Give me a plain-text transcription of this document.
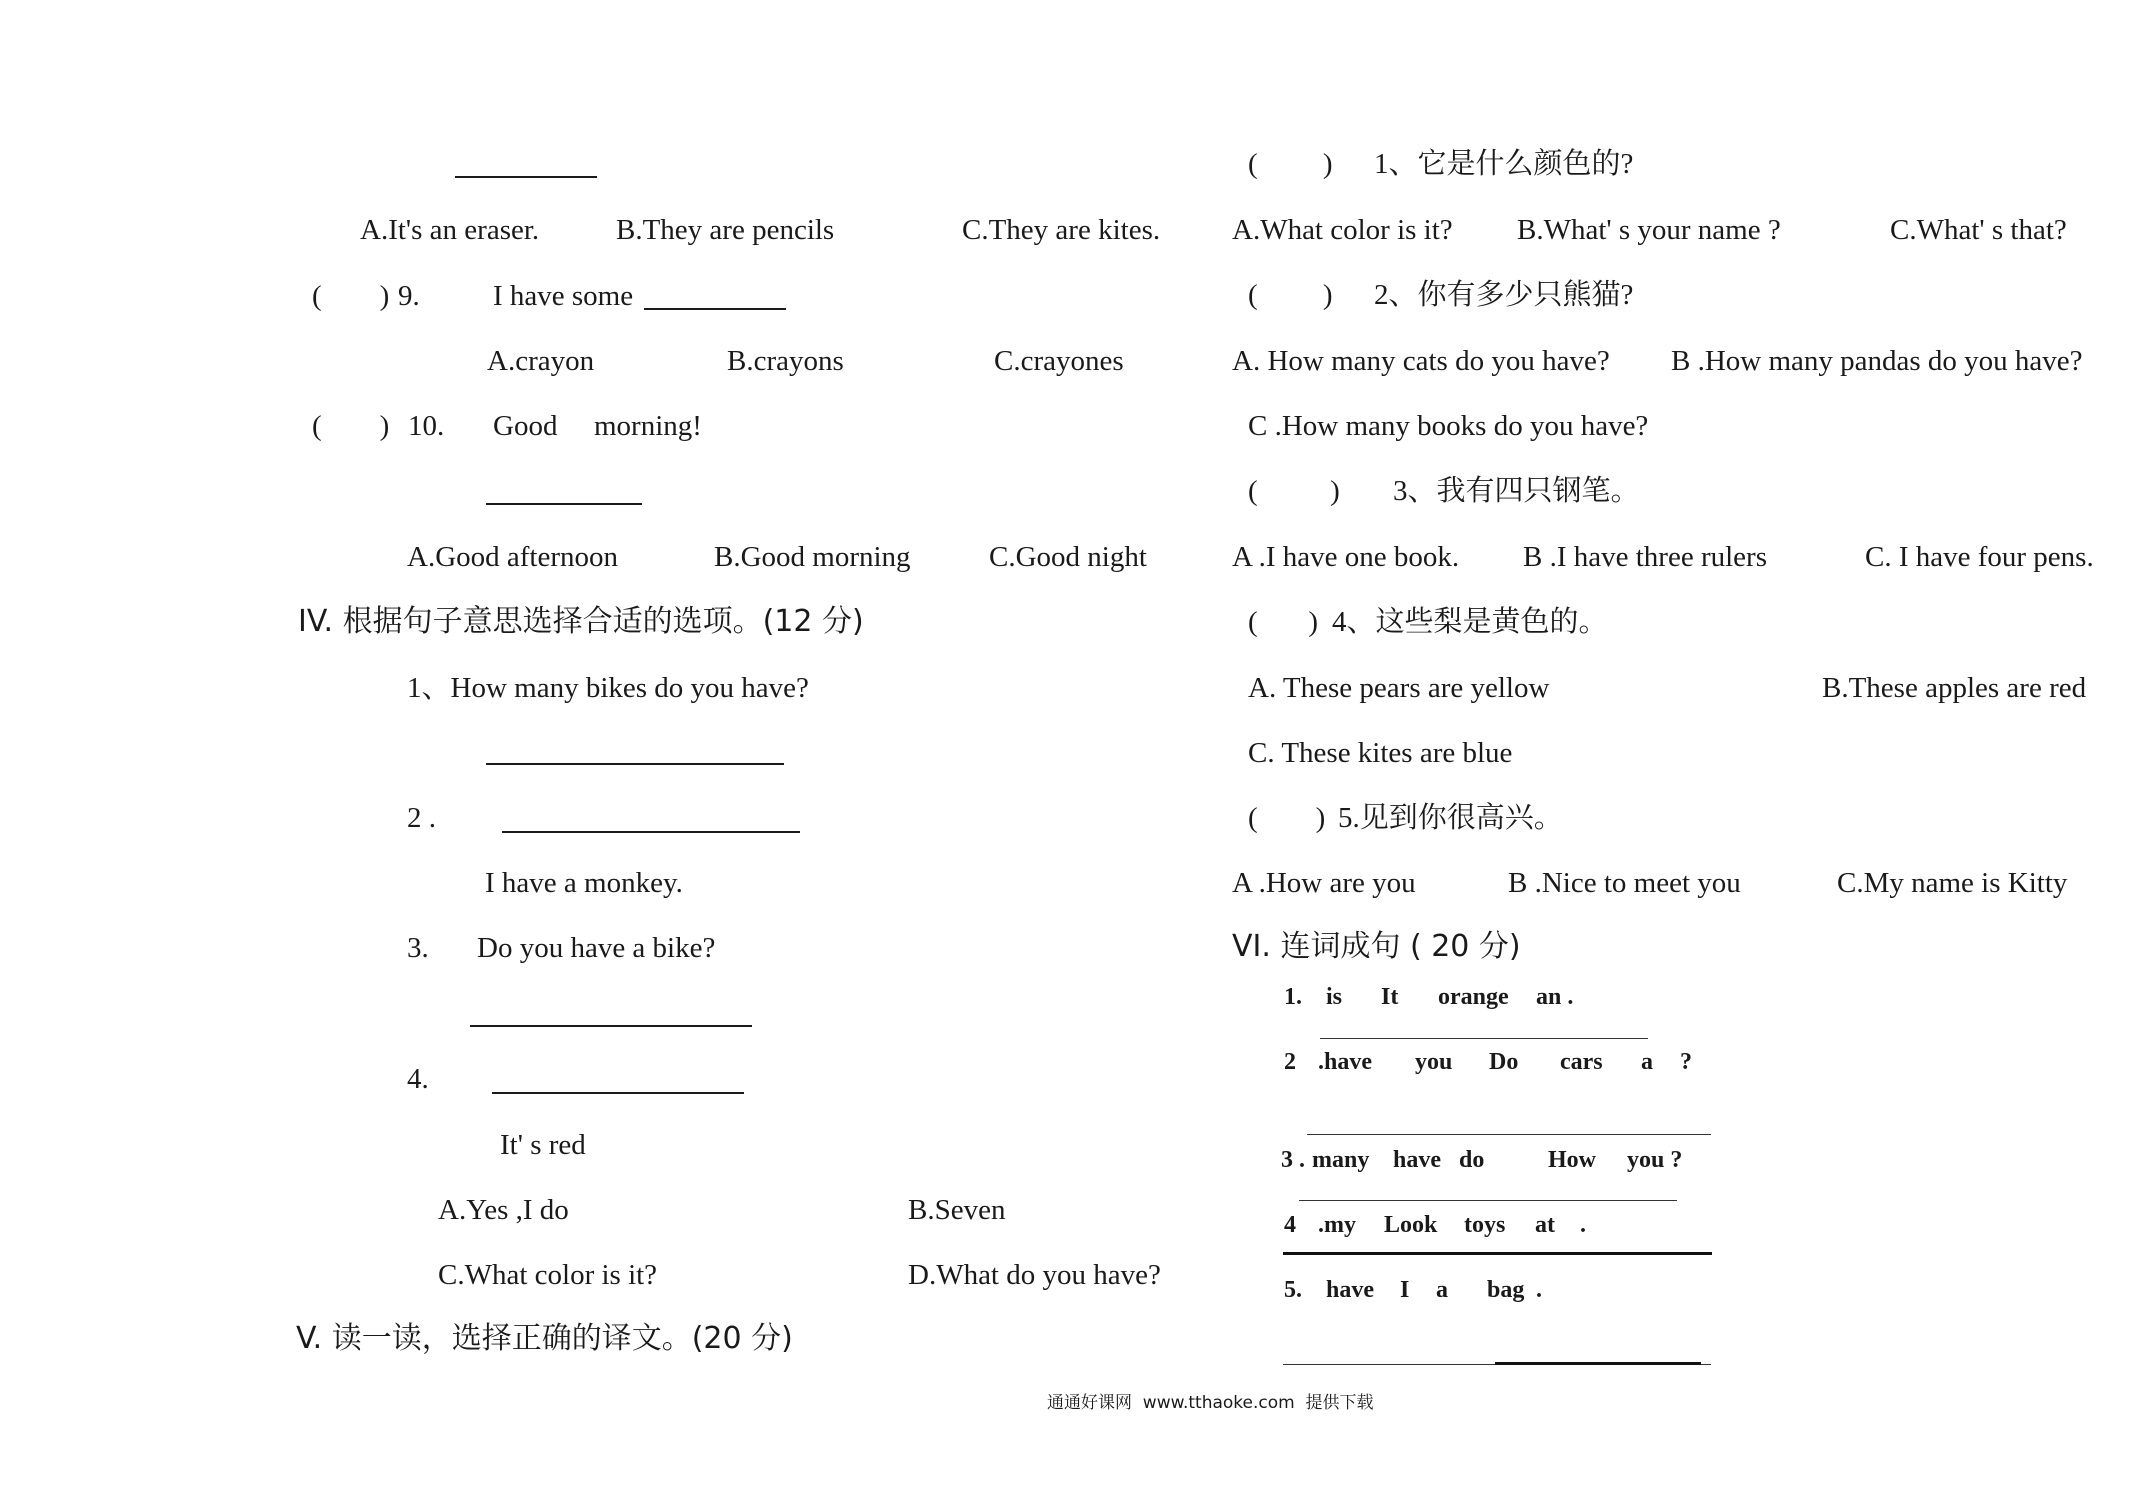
A.It's an eraser.	B.They are pencils	C.They are kites.
(        ) 9.	I have some
A.crayon	B.crayons	C.crayones
(        ) 10. Good morning!
A.Good afternoon	B.Good morning	C.Good night
IV. 根据句子意思选择合适的选项。(12 分)
1、How many bikes do you have?
2 .
I have a monkey.
3. Do you have a bike?
4.
It' s red
A.Yes ,I do	B.Seven
C.What color is it?	D.What do you have?
V. 读一读，选择正确的译文。(20 分)
(         ) 1、它是什么颜色的?
A.What color is it? B.What' s your name ?	C.What' s that?
(         ) 2、你有多少只熊猫?
A. How many cats do you have? B .How many pandas do you have?
C .How many books do you have?
(          ) 3、我有四只钢笔。
A .I have one book. B .I have three rulers	C. I have four pens.
(       ) 4、这些梨是黄色的。
A. These pears are yellow	B.These apples are red
C. These kites are blue
(        ) 5.见到你很高兴。
A .How are you	B .Nice to meet you	C.My name is Kitty
VI. 连词成句 ( 20 分)
1. is It orange an .
2 .have you Do cars a ?
3 . many have do	How you ?
4 .my Look toys at .
5. have I a bag .
通通好课网  www.tthaoke.com  提供下载
